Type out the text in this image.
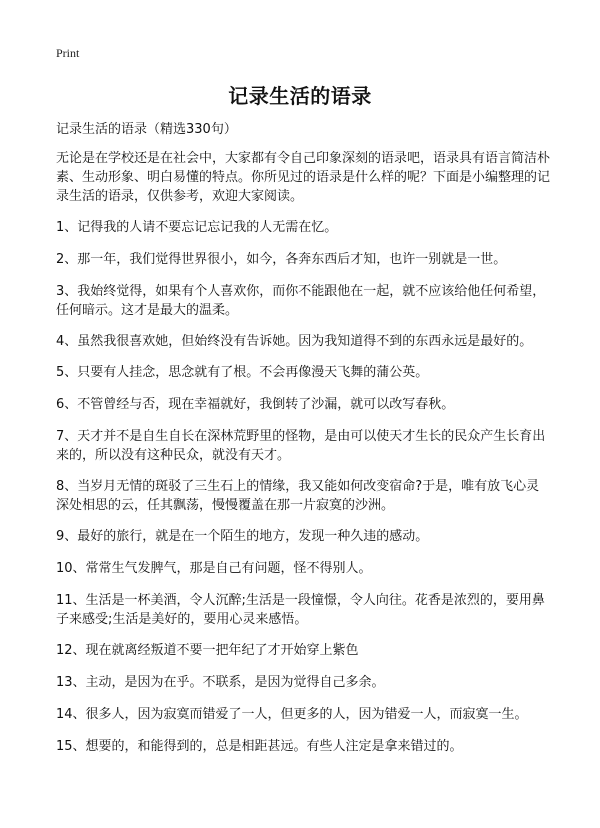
Print
记录生活的语录

记录生活的语录（精选330句）

无论是在学校还是在社会中，大家都有令自己印象深刻的语录吧，语录具有语言简洁朴素、生动形象、明白易懂的特点。你所见过的语录是什么样的呢？下面是小编整理的记录生活的语录，仅供参考，欢迎大家阅读。

1、记得我的人请不要忘记忘记我的人无需在忆。
2、那一年，我们觉得世界很小，如今，各奔东西后才知，也许一别就是一世。
3、我始终觉得，如果有个人喜欢你，而你不能跟他在一起，就不应该给他任何希望，任何暗示。这才是最大的温柔。
4、虽然我很喜欢她，但始终没有告诉她。因为我知道得不到的东西永远是最好的。
5、只要有人挂念，思念就有了根。不会再像漫天飞舞的蒲公英。
6、不管曾经与否，现在幸福就好，我倒转了沙漏，就可以改写春秋。
7、天才并不是自生自长在深林荒野里的怪物，是由可以使天才生长的民众产生长育出来的，所以没有这种民众，就没有天才。
8、当岁月无情的斑驳了三生石上的情缘，我又能如何改变宿命?于是，唯有放飞心灵深处相思的云，任其飘荡，慢慢覆盖在那一片寂寞的沙洲。
9、最好的旅行，就是在一个陌生的地方，发现一种久违的感动。
10、常常生气发脾气，那是自己有问题，怪不得别人。
11、生活是一杯美酒，令人沉醉;生活是一段憧憬，令人向往。花香是浓烈的，要用鼻子来感受;生活是美好的，要用心灵来感悟。
12、现在就离经叛道不要一把年纪了才开始穿上紫色
13、主动，是因为在乎。不联系，是因为觉得自己多余。
14、很多人，因为寂寞而错爱了一人，但更多的人，因为错爱一人，而寂寞一生。
15、想要的，和能得到的，总是相距甚远。有些人注定是拿来错过的。
